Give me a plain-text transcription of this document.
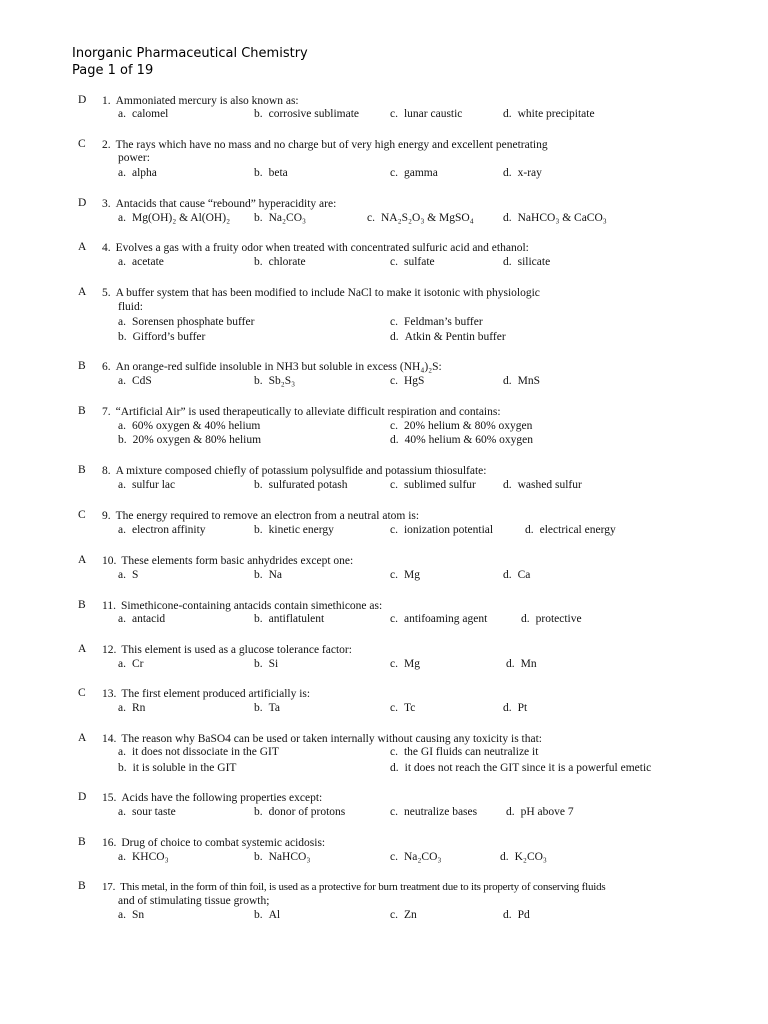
Inorganic Pharmaceutical Chemistry
Page 1 of 19
D 1. Ammoniated mercury is also known as:
a. calomel	b. corrosive sublimate	c. lunar caustic	d. white precipitate
C 2. The rays which have no mass and no charge but of very high energy and excellent penetrating
power:
a. alpha	b. beta	c. gamma	d. x-ray
D 3. Antacids that cause “rebound” hyperacidity are:
a. Mg(OH)₂ & Al(OH)₂ b. Na₂CO₃	c. NA₂S₂O₃ & MgSO₄	d. NaHCO₃ & CaCO₃
A 4. Evolves a gas with a fruity odor when treated with concentrated sulfuric acid and ethanol:
a. acetate	b. chlorate	c. sulfate	d. silicate
A 5. A buffer system that has been modified to include NaCl to make it isotonic with physiologic
fluid:
a. Sorensen phosphate buffer	c. Feldman’s buffer
b. Gifford’s buffer	d. Atkin & Pentin buffer
B 6. An orange-red sulfide insoluble in NH3 but soluble in excess (NH₄)₂S:
a. CdS	b. Sb₂S₃	c. HgS	d. MnS
B 7. “Artificial Air” is used therapeutically to alleviate difficult respiration and contains:
a. 60% oxygen & 40% helium	c. 20% helium & 80% oxygen
b. 20% oxygen & 80% helium	d. 40% helium & 60% oxygen
B 8. A mixture composed chiefly of potassium polysulfide and potassium thiosulfate:
a. sulfur lac	b. sulfurated potash	c. sublimed sulfur d. washed sulfur
C 9. The energy required to remove an electron from a neutral atom is:
a. electron affinity	b. kinetic energy	c. ionization potential	d. electrical energy
A 10. These elements form basic anhydrides except one:
a. S	b. Na	c. Mg	d. Ca
B 11. Simethicone-containing antacids contain simethicone as:
a. antacid	b. antiflatulent	c. antifoaming agent	d. protective
A 12. This element is used as a glucose tolerance factor:
a. Cr	b. Si	c. Mg	d. Mn
C 13. The first element produced artificially is:
a. Rn	b. Ta	c. Tc	d. Pt
A 14. The reason why BaSO4 can be used or taken internally without causing any toxicity is that:
a. it does not dissociate in the GIT	c. the GI fluids can neutralize it
b. it is soluble in the GIT	d. it does not reach the GIT since it is a powerful emetic
D 15. Acids have the following properties except:
a. sour taste	b. donor of protons	c. neutralize bases	d. pH above 7
B 16. Drug of choice to combat systemic acidosis:
a. KHCO₃	b. NaHCO₃	c. Na₂CO₃	d. K₂CO₃
B 17. This metal, in the form of thin foil, is used as a protective for burn treatment due to its property of conserving fluids
and of stimulating tissue growth;
a. Sn	b. Al	c. Zn	d. Pd
